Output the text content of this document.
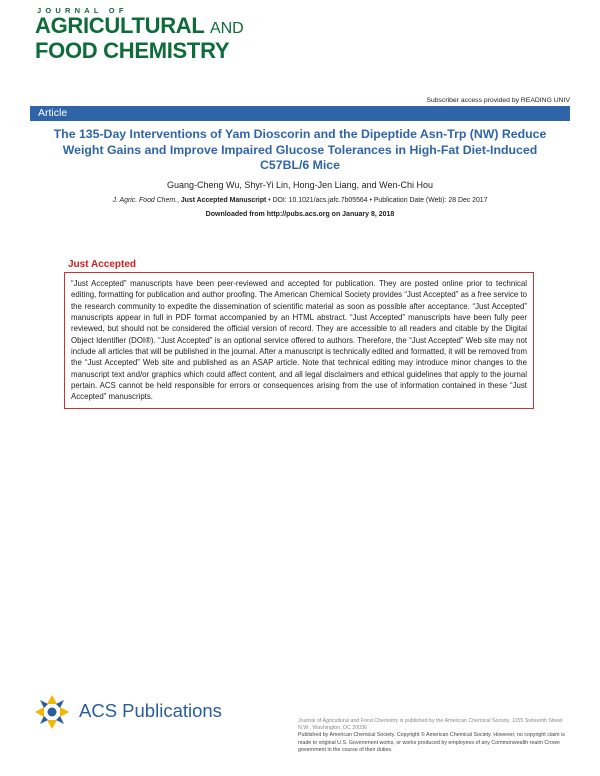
JOURNAL OF
AGRICULTURAL AND
FOOD CHEMISTRY
Subscriber access provided by READING UNIV
Article
The 135-Day Interventions of Yam Dioscorin and the Dipeptide Asn-Trp (NW) Reduce Weight Gains and Improve Impaired Glucose Tolerances in High-Fat Diet-Induced C57BL/6 Mice
Guang-Cheng Wu, Shyr-Yi Lin, Hong-Jen Liang, and Wen-Chi Hou
J. Agric. Food Chem., Just Accepted Manuscript • DOI: 10.1021/acs.jafc.7b05564 • Publication Date (Web): 28 Dec 2017
Downloaded from http://pubs.acs.org on January 8, 2018
Just Accepted
“Just Accepted” manuscripts have been peer-reviewed and accepted for publication. They are posted online prior to technical editing, formatting for publication and author proofing. The American Chemical Society provides “Just Accepted” as a free service to the research community to expedite the dissemination of scientific material as soon as possible after acceptance. “Just Accepted” manuscripts appear in full in PDF format accompanied by an HTML abstract. “Just Accepted” manuscripts have been fully peer reviewed, but should not be considered the official version of record. They are accessible to all readers and citable by the Digital Object Identifier (DOI®). “Just Accepted” is an optional service offered to authors. Therefore, the “Just Accepted” Web site may not include all articles that will be published in the journal. After a manuscript is technically edited and formatted, it will be removed from the “Just Accepted” Web site and published as an ASAP article. Note that technical editing may introduce minor changes to the manuscript text and/or graphics which could affect content, and all legal disclaimers and ethical guidelines that apply to the journal pertain. ACS cannot be held responsible for errors or consequences arising from the use of information contained in these “Just Accepted” manuscripts.
ACS Publications	Journal of Agricultural and Food Chemistry is published by the American Chemical Society. 1155 Sixteenth Street N.W., Washington, DC 20036
Published by American Chemical Society. Copyright © American Chemical Society. However, no copyright claim is made to original U.S. Government works, or works produced by employees of any Commonwealth realm Crown government in the course of their duties.
